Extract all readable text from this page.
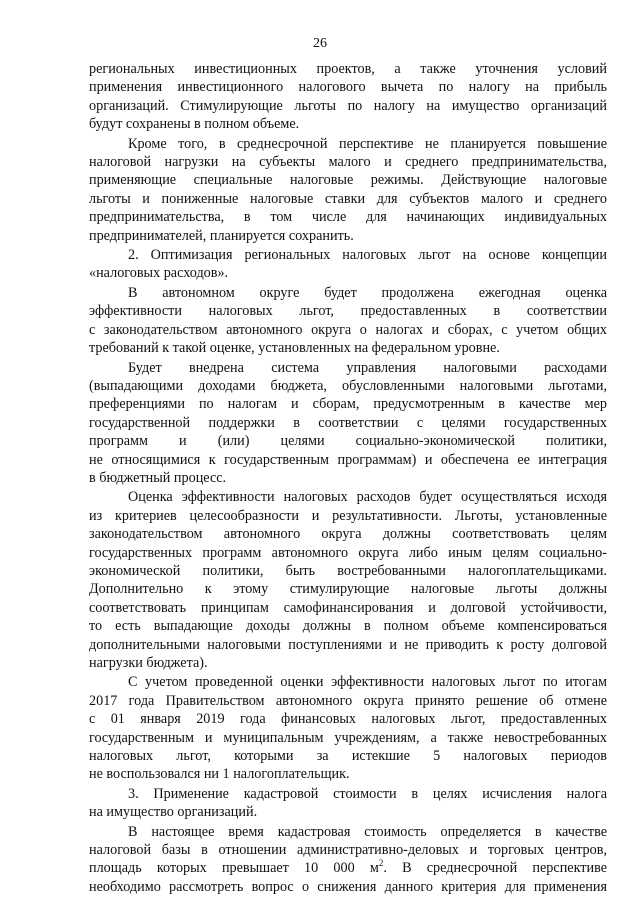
26

региональных инвестиционных проектов, а также уточнения условий
применения инвестиционного налогового вычета по налогу на прибыль
организаций. Стимулирующие льготы по налогу на имущество организаций
будут сохранены в полном объеме.

Кроме того, в среднесрочной перспективе не планируется повышение
налоговой нагрузки на субъекты малого и среднего предпринимательства,
применяющие специальные налоговые режимы. Действующие налоговые
льготы и пониженные налоговые ставки для субъектов малого и среднего
предпринимательства, в том числе для начинающих индивидуальных
предпринимателей, планируется сохранить.

2. Оптимизация региональных налоговых льгот на основе концепции
«налоговых расходов».

В автономном округе будет продолжена ежегодная оценка
эффективности налоговых льгот, предоставленных в соответствии
с законодательством автономного округа о налогах и сборах, с учетом общих
требований к такой оценке, установленных на федеральном уровне.

Будет внедрена система управления налоговыми расходами
(выпадающими доходами бюджета, обусловленными налоговыми льготами,
преференциями по налогам и сборам, предусмотренным в качестве мер
государственной поддержки в соответствии с целями государственных
программ и (или) целями социально-экономической политики,
не относящимися к государственным программам) и обеспечена ее интеграция
в бюджетный процесс.

Оценка эффективности налоговых расходов будет осуществляться исходя
из критериев целесообразности и результативности. Льготы, установленные
законодательством автономного округа должны соответствовать целям
государственных программ автономного округа либо иным целям социально-
экономической политики, быть востребованными налогоплательщиками.
Дополнительно к этому стимулирующие налоговые льготы должны
соответствовать принципам самофинансирования и долговой устойчивости,
то есть выпадающие доходы должны в полном объеме компенсироваться
дополнительными налоговыми поступлениями и не приводить к росту долговой
нагрузки бюджета).

С учетом проведенной оценки эффективности налоговых льгот по итогам
2017 года Правительством автономного округа принято решение об отмене
с 01 января 2019 года финансовых налоговых льгот, предоставленных
государственным и муниципальным учреждениям, а также невостребованных
налоговых льгот, которыми за истекшие 5 налоговых периодов
не воспользовался ни 1 налогоплательщик.

3. Применение кадастровой стоимости в целях исчисления налога
на имущество организаций.

В настоящее время кадастровая стоимость определяется в качестве
налоговой базы в отношении административно-деловых и торговых центров,
площадь которых превышает 10 000 $м^2$. В среднесрочной перспективе
необходимо рассмотреть вопрос о снижения данного критерия для применения
